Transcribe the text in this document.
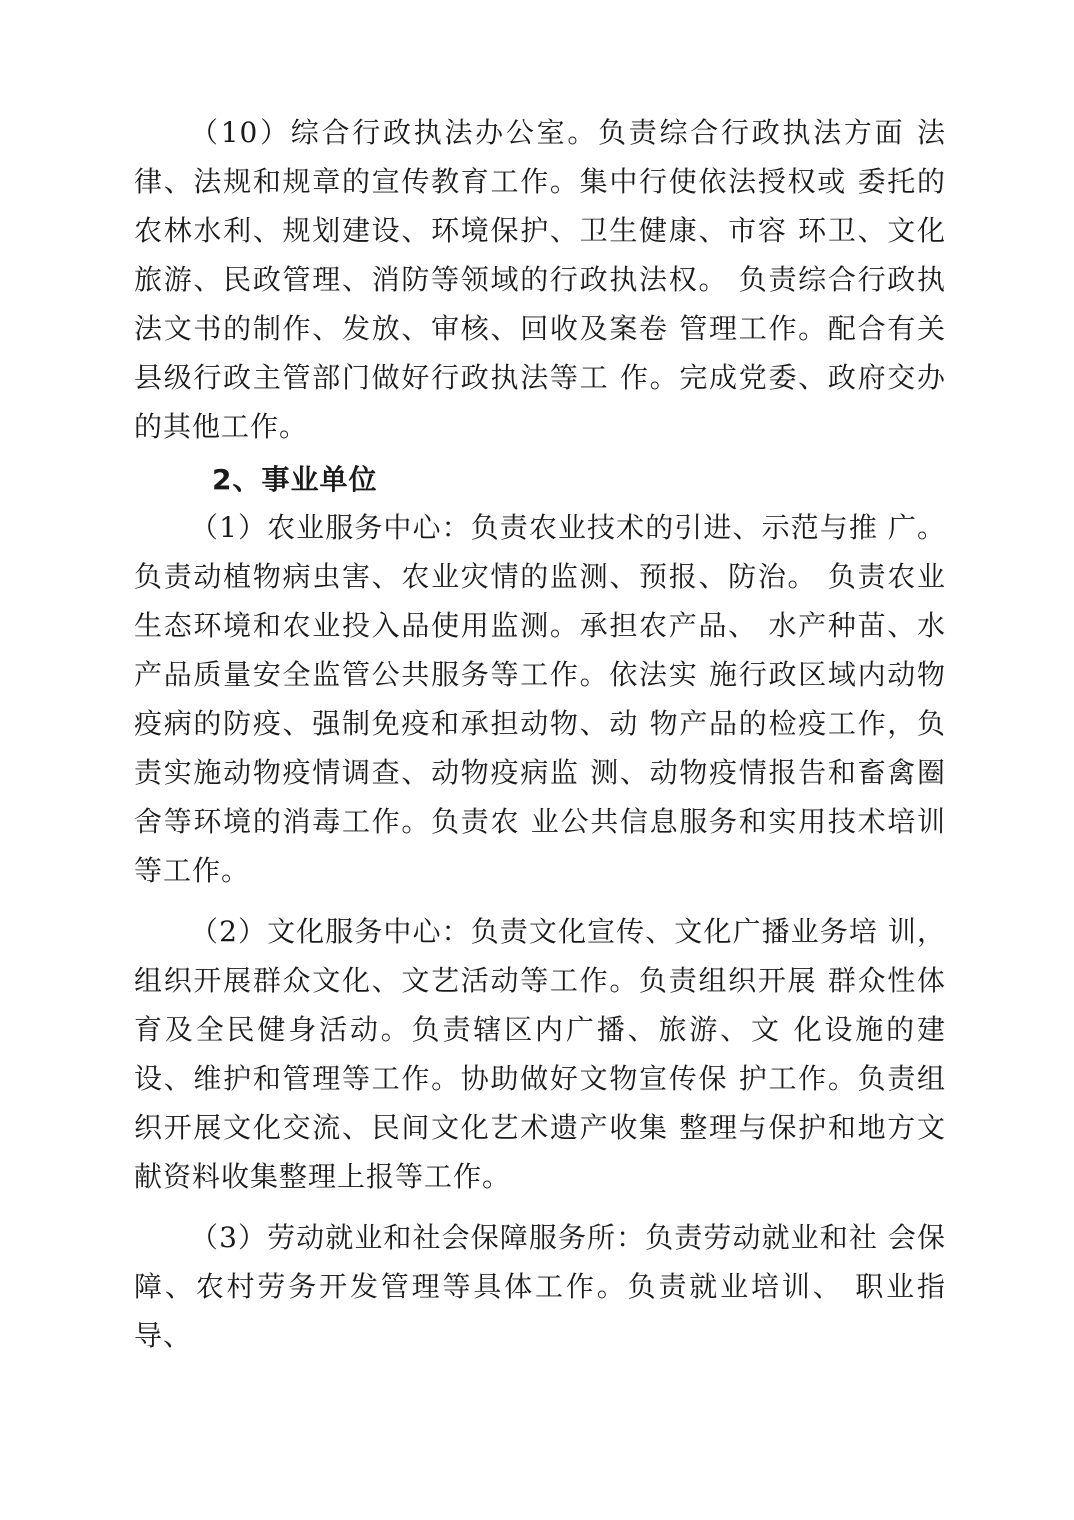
（10）综合行政执法办公室。负责综合行政执法方面 法律、法规和规章的宣传教育工作。集中行使依法授权或 委托的农林水利、规划建设、环境保护、卫生健康、市容 环卫、文化旅游、民政管理、消防等领域的行政执法权。 负责综合行政执法文书的制作、发放、审核、回收及案卷 管理工作。配合有关县级行政主管部门做好行政执法等工 作。完成党委、政府交办的其他工作。

2、事业单位

（1）农业服务中心：负责农业技术的引进、示范与推 广。负责动植物病虫害、农业灾情的监测、预报、防治。 负责农业生态环境和农业投入品使用监测。承担农产品、 水产种苗、水产品质量安全监管公共服务等工作。依法实 施行政区域内动物疫病的防疫、强制免疫和承担动物、动 物产品的检疫工作，负责实施动物疫情调查、动物疫病监 测、动物疫情报告和畜禽圈舍等环境的消毒工作。负责农 业公共信息服务和实用技术培训等工作。

（2）文化服务中心：负责文化宣传、文化广播业务培 训，组织开展群众文化、文艺活动等工作。负责组织开展 群众性体育及全民健身活动。负责辖区内广播、旅游、文 化设施的建设、维护和管理等工作。协助做好文物宣传保 护工作。负责组织开展文化交流、民间文化艺术遗产收集 整理与保护和地方文献资料收集整理上报等工作。

（3）劳动就业和社会保障服务所：负责劳动就业和社 会保障、农村劳务开发管理等具体工作。负责就业培训、 职业指导、
